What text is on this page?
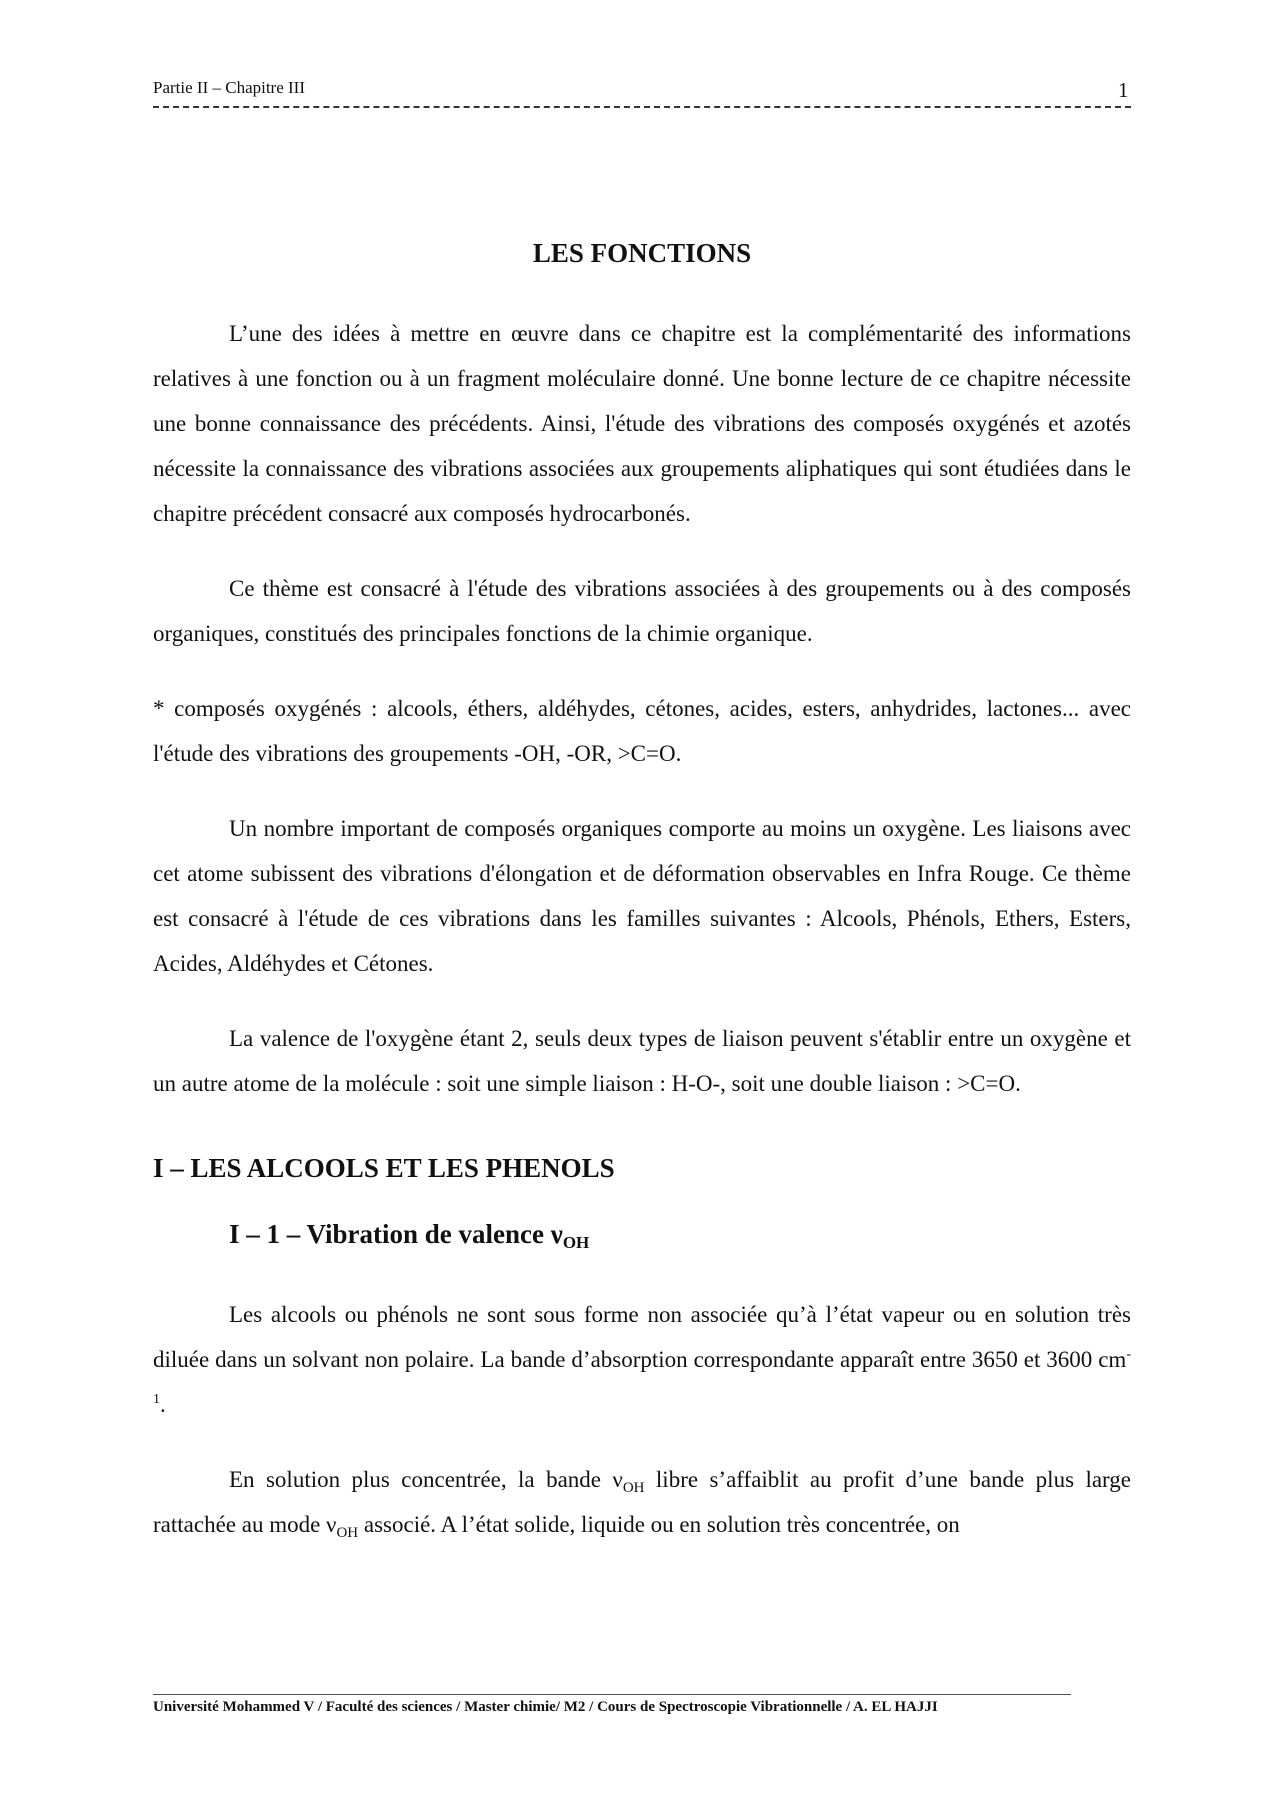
Partie II – Chapitre III	1
LES FONCTIONS

L’une des idées à mettre en œuvre dans ce chapitre est la complémentarité des informations relatives à une fonction ou à un fragment moléculaire donné. Une bonne lecture de ce chapitre nécessite une bonne connaissance des précédents. Ainsi, l'étude des vibrations des composés oxygénés et azotés nécessite la connaissance des vibrations associées aux groupements aliphatiques qui sont étudiées dans le chapitre précédent consacré aux composés hydrocarbonés.

Ce thème est consacré à l'étude des vibrations associées à des groupements ou à des composés organiques, constitués des principales fonctions de la chimie organique.

* composés oxygénés : alcools, éthers, aldéhydes, cétones, acides, esters, anhydrides, lactones... avec l'étude des vibrations des groupements -OH, -OR, >C=O.

Un nombre important de composés organiques comporte au moins un oxygène. Les liaisons avec cet atome subissent des vibrations d'élongation et de déformation observables en Infra Rouge. Ce thème est consacré à l'étude de ces vibrations dans les familles suivantes : Alcools, Phénols, Ethers, Esters, Acides, Aldéhydes et Cétones.

La valence de l'oxygène étant 2, seuls deux types de liaison peuvent s'établir entre un oxygène et un autre atome de la molécule : soit une simple liaison : H-O-, soit une double liaison : >C=O.

I – LES ALCOOLS ET LES PHENOLS
I – 1 – Vibration de valence $\nu_{OH}$

Les alcools ou phénols ne sont sous forme non associée qu’à l’état vapeur ou en solution très diluée dans un solvant non polaire. La bande d’absorption correspondante apparaît entre 3650 et 3600 $cm^{-1}$.

En solution plus concentrée, la bande $\nu_{OH}$ libre s’affaiblit au profit d’une bande plus large rattachée au mode $\nu_{OH}$ associé. A l’état solide, liquide ou en solution très concentrée, on

Université Mohammed V / Faculté des sciences / Master chimie/ M2 / Cours de Spectroscopie Vibrationnelle / A. EL HAJJI
